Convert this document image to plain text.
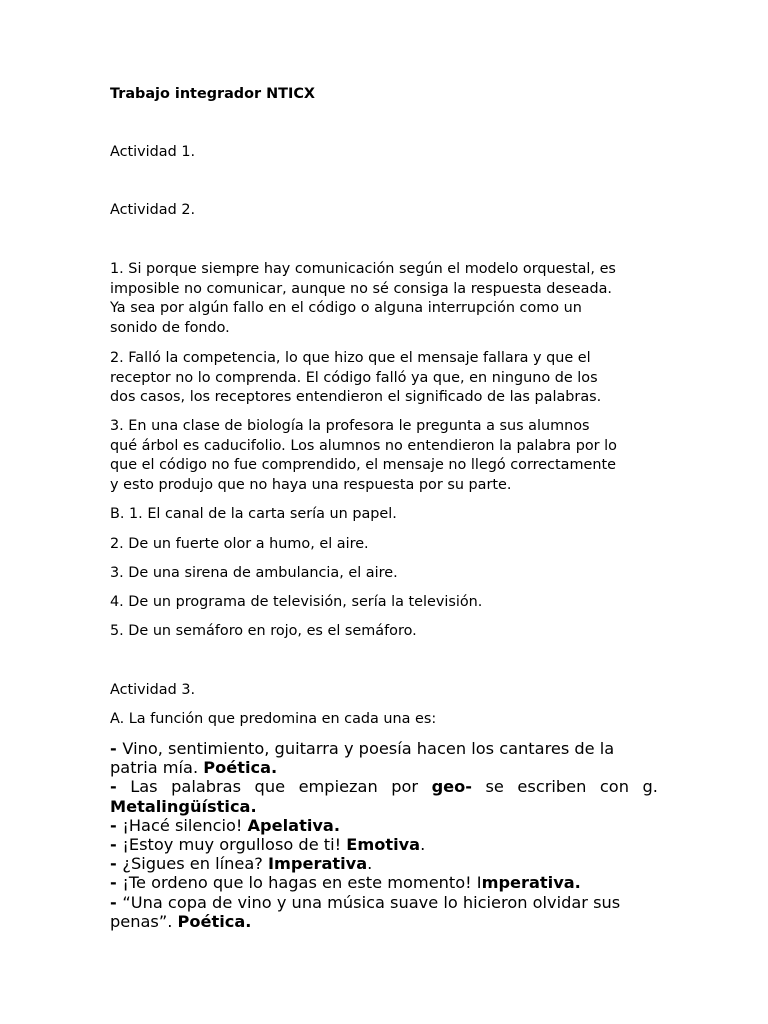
Trabajo integrador NTICX
Actividad 1.
Actividad 2.

1. Si porque siempre hay comunicación según el modelo orquestal, es

imposible no comunicar, aunque no sé consiga la respuesta deseada.

Ya sea por algún fallo en el código o alguna interrupción como un

sonido de fondo.

2. Falló la competencia, lo que hizo que el mensaje fallara y que el

receptor no lo comprenda. El código falló ya que, en ninguno de los

dos casos, los receptores entendieron el significado de las palabras.

3. En una clase de biología la profesora le pregunta a sus alumnos

qué árbol es caducifolio. Los alumnos no entendieron la palabra por lo

que el código no fue comprendido, el mensaje no llegó correctamente

y esto produjo que no haya una respuesta por su parte.

B. 1. El canal de la carta sería un papel.
2. De un fuerte olor a humo, el aire.
3. De una sirena de ambulancia, el aire.
4. De un programa de televisión, sería la televisión.
5. De un semáforo en rojo, es el semáforo.
Actividad 3.
A. La función que predomina en cada una es:
- Vino, sentimiento, guitarra y poesía hacen los cantares de la
patria mía. Poética.
- Las palabras que empiezan por geo- se escriben con g.
Metalingüística.
- ¡Hacé silencio! Apelativa.
- ¡Estoy muy orgulloso de ti! Emotiva.
- ¿Sigues en línea? Imperativa.
- ¡Te ordeno que lo hagas en este momento! Imperativa.
- “Una copa de vino y una música suave lo hicieron olvidar sus
penas”. Poética.
